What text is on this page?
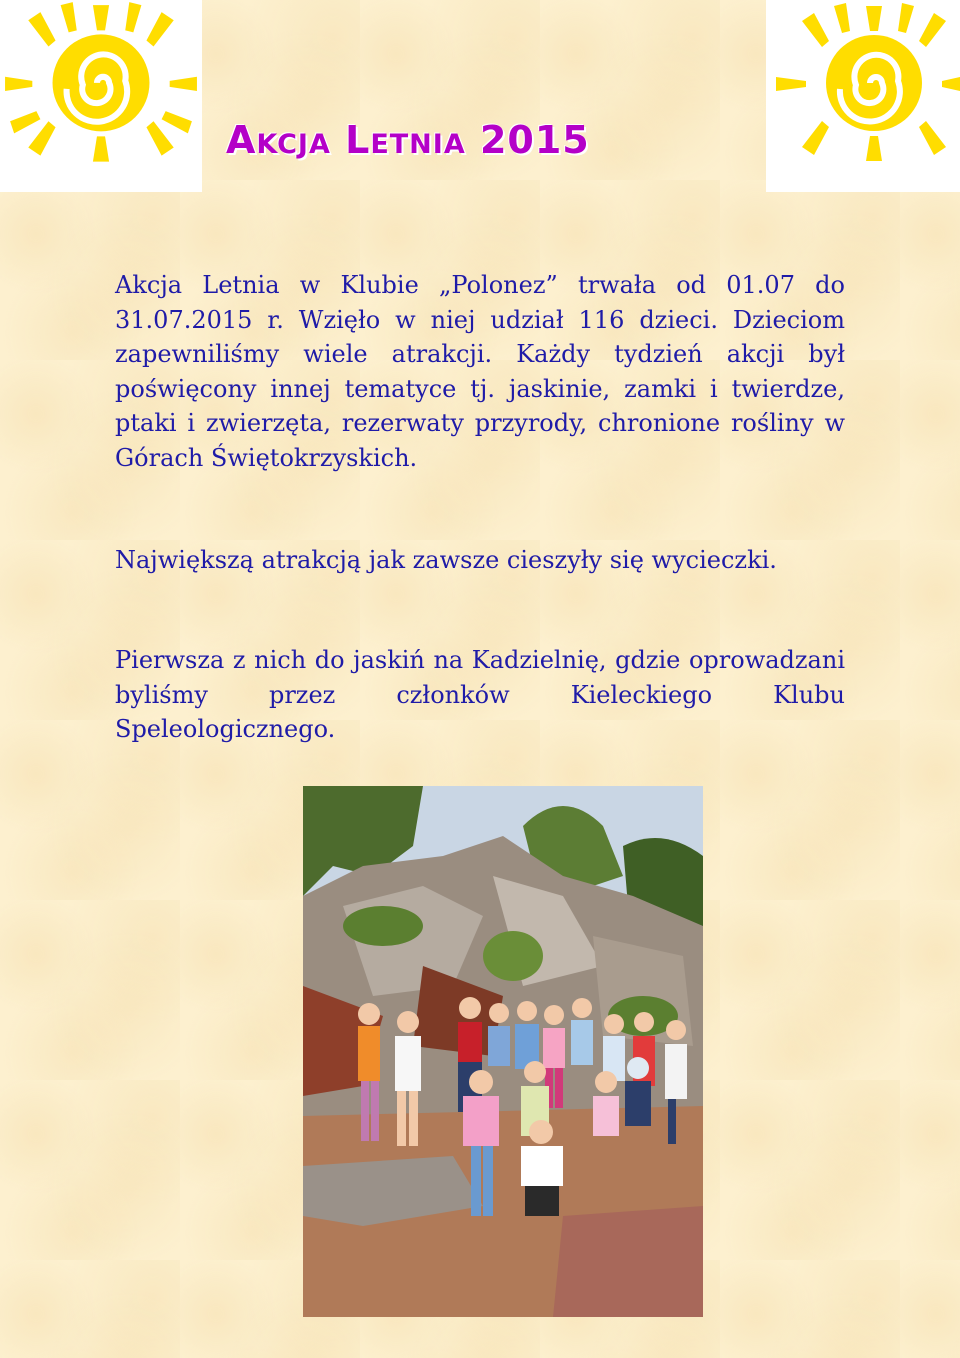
Akcja Letnia 2015

Akcja Letnia w Klubie „Polonez” trwała od 01.07 do 31.07.2015 r. Wzięło w niej udział 116 dzieci. Dzieciom zapewniliśmy wiele atrakcji. Każdy tydzień akcji był poświęcony innej tematyce tj. jaskinie, zamki i twierdze, ptaki i zwierzęta, rezerwaty przyrody, chronione rośliny w Górach Świętokrzyskich.

Największą atrakcją jak zawsze cieszyły się wycieczki.

Pierwsza z nich do jaskiń na Kadzielnię, gdzie oprowadzani byliśmy przez członków Kieleckiego Klubu Speleologicznego.
